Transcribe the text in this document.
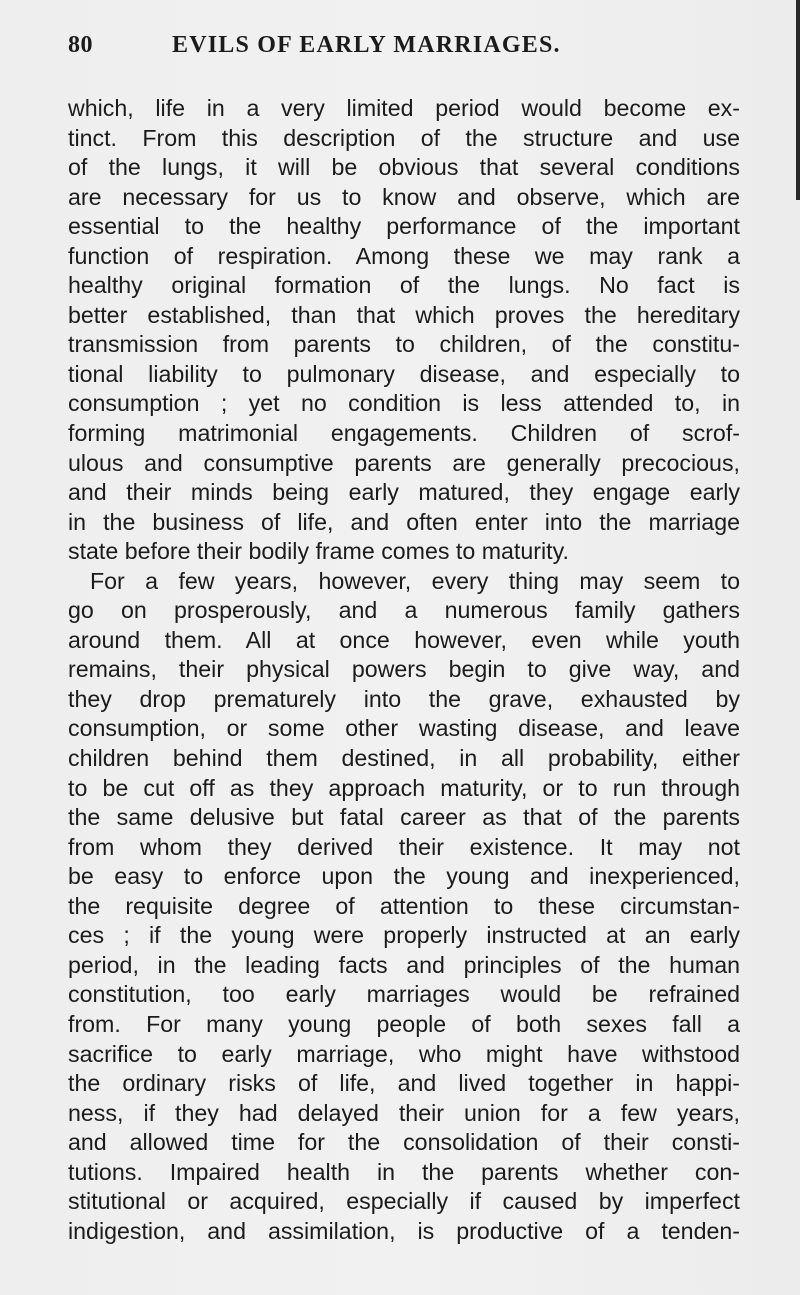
80	EVILS OF EARLY MARRIAGES.
which, life in a very limited period would become ex-
tinct. From this description of the structure and use
of the lungs, it will be obvious that several conditions
are necessary for us to know and observe, which are
essential to the healthy performance of the important
function of respiration. Among these we may rank a
healthy original formation of the lungs. No fact is
better established, than that which proves the hereditary
transmission from parents to children, of the constitu-
tional liability to pulmonary disease, and especially to
consumption ; yet no condition is less attended to, in
forming matrimonial engagements. Children of scrof-
ulous and consumptive parents are generally precocious,
and their minds being early matured, they engage early
in the business of life, and often enter into the marriage
state before their bodily frame comes to maturity.
For a few years, however, every thing may seem to
go on prosperously, and a numerous family gathers
around them. All at once however, even while youth
remains, their physical powers begin to give way, and
they drop prematurely into the grave, exhausted by
consumption, or some other wasting disease, and leave
children behind them destined, in all probability, either
to be cut off as they approach maturity, or to run through
the same delusive but fatal career as that of the parents
from whom they derived their existence. It may not
be easy to enforce upon the young and inexperienced,
the requisite degree of attention to these circumstan-
ces ; if the young were properly instructed at an early
period, in the leading facts and principles of the human
constitution, too early marriages would be refrained
from. For many young people of both sexes fall a
sacrifice to early marriage, who might have withstood
the ordinary risks of life, and lived together in happi-
ness, if they had delayed their union for a few years,
and allowed time for the consolidation of their consti-
tutions. Impaired health in the parents whether con-
stitutional or acquired, especially if caused by imperfect
indigestion, and assimilation, is productive of a tenden-
